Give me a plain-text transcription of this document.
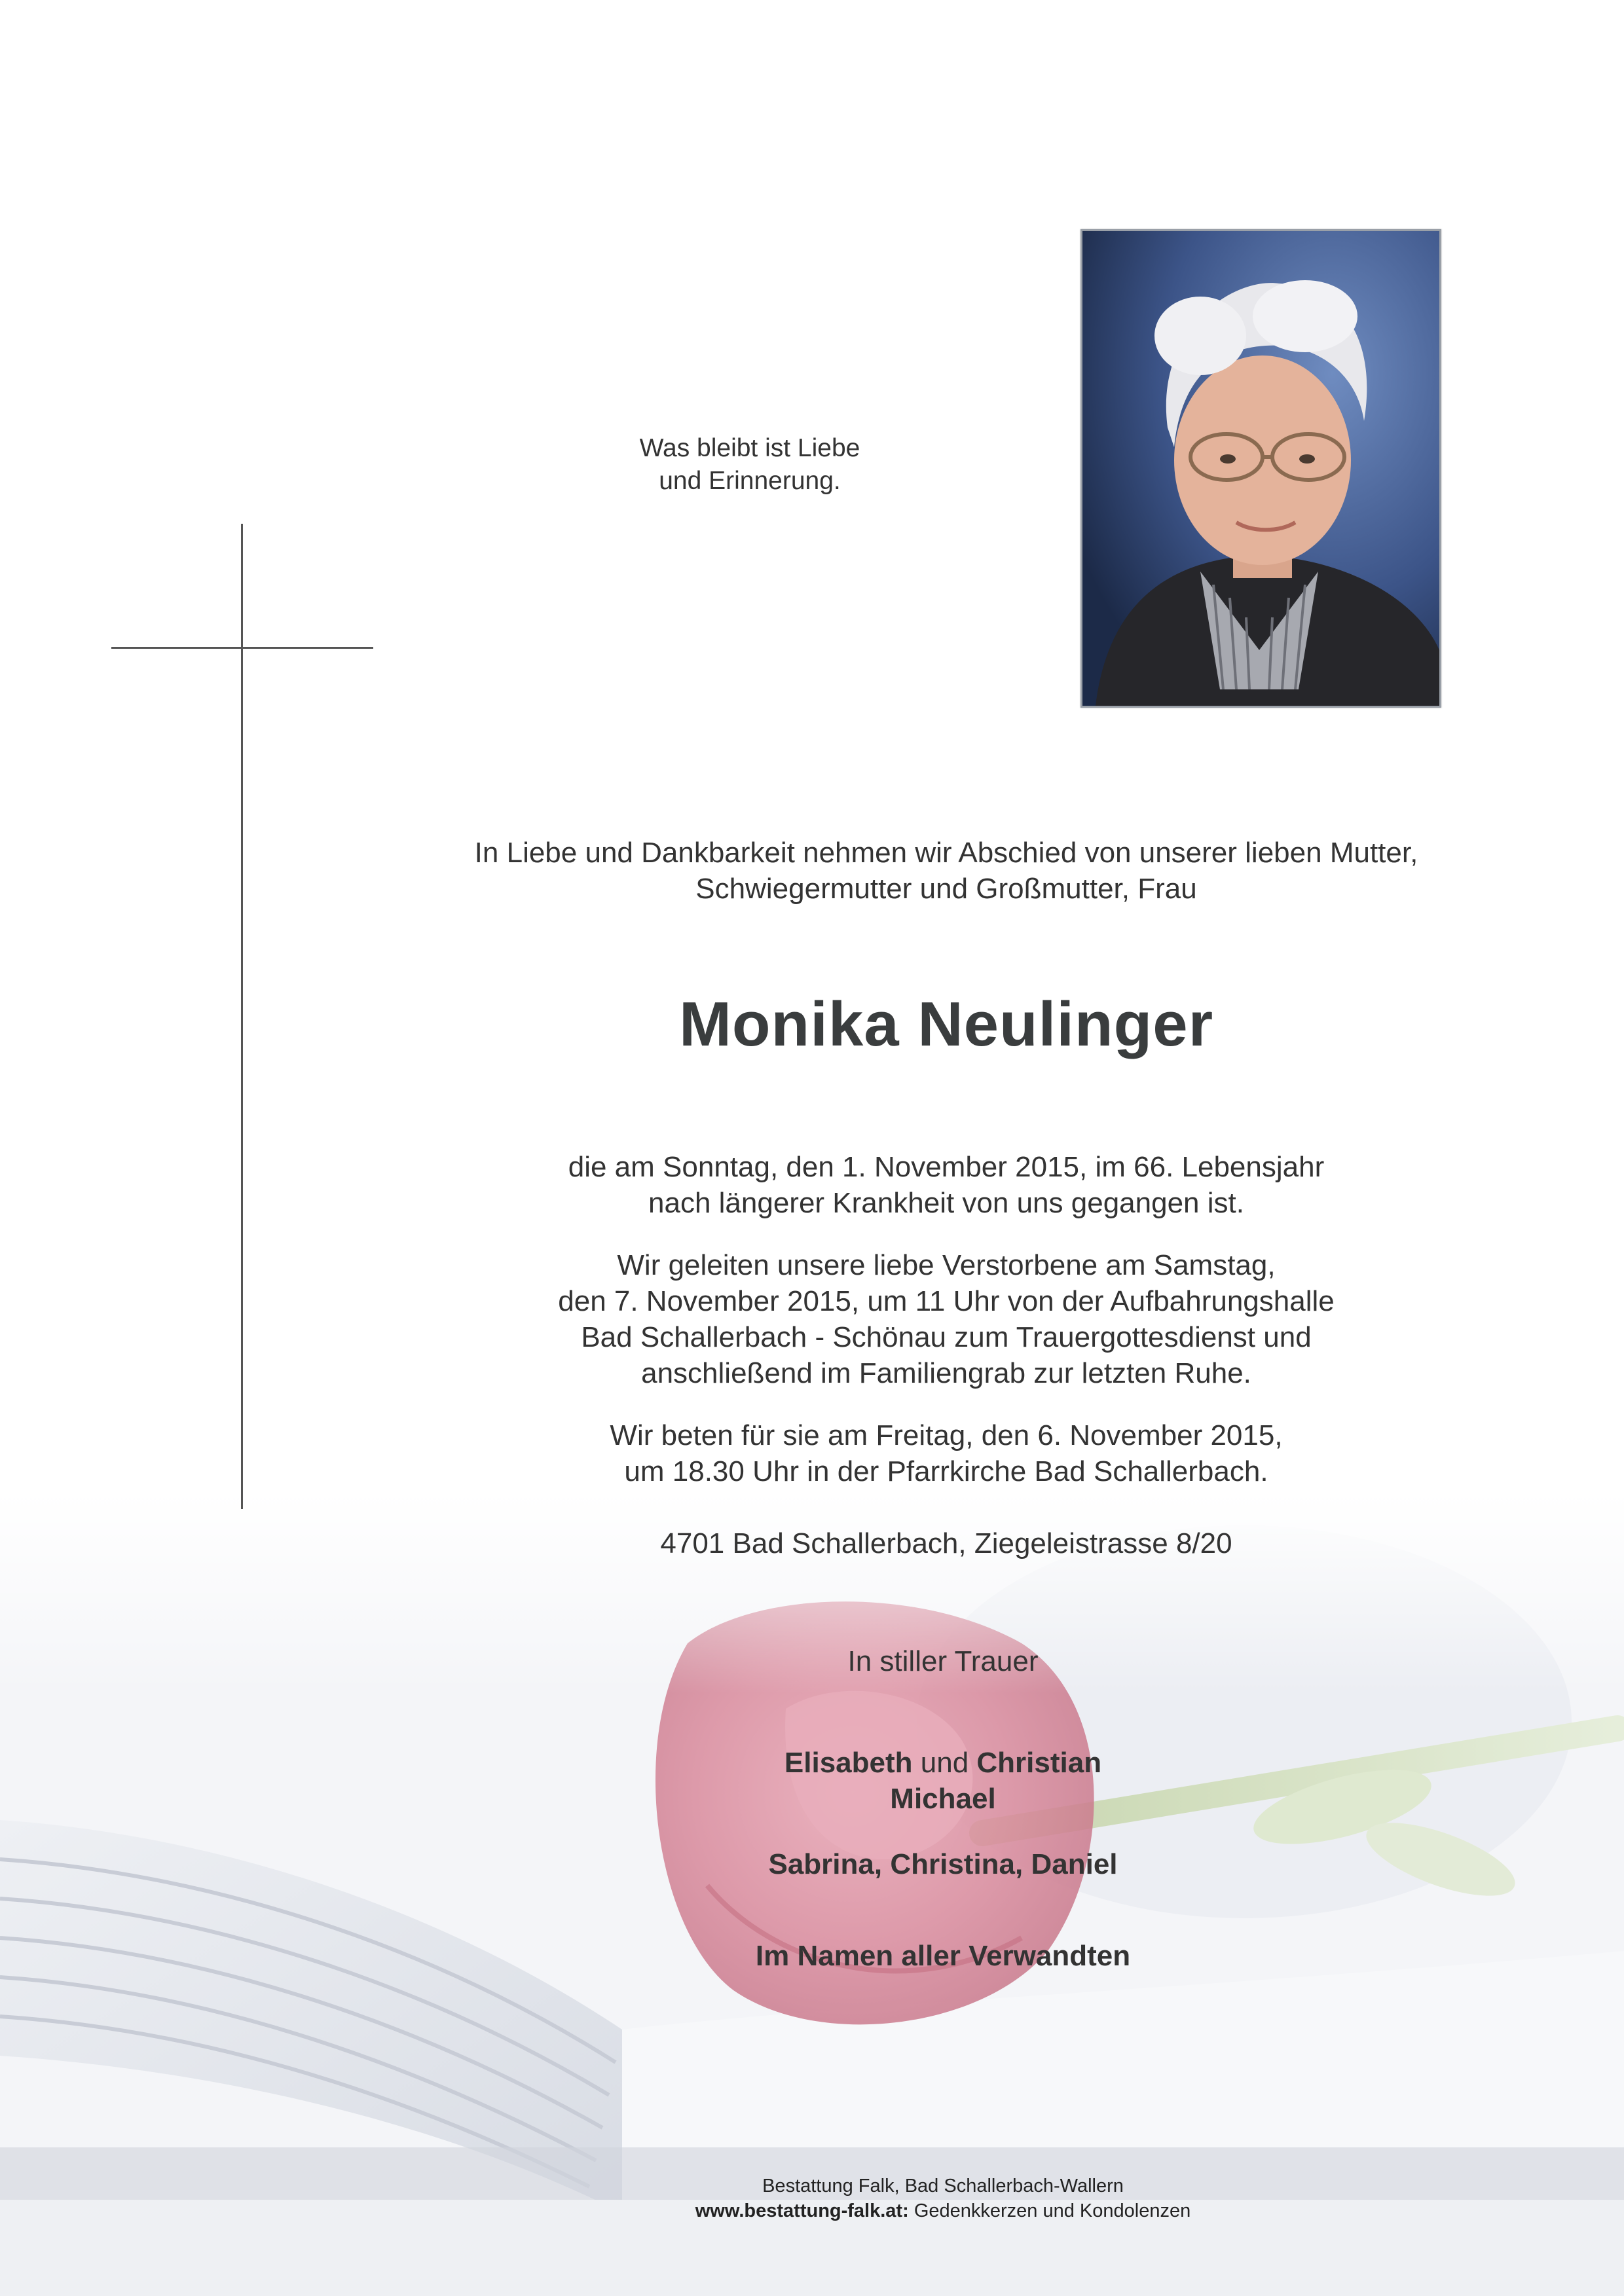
Was bleibt ist Liebe
und Erinnerung.
In Liebe und Dankbarkeit nehmen wir Abschied von unserer lieben Mutter,
Schwiegermutter und Großmutter, Frau
Monika Neulinger
die am Sonntag, den 1. November 2015, im 66. Lebensjahr
nach längerer Krankheit von uns gegangen ist.
Wir geleiten unsere liebe Verstorbene am Samstag,
den 7. November 2015, um 11 Uhr von der Aufbahrungshalle
Bad Schallerbach - Schönau zum Trauergottesdienst und
anschließend im Familiengrab zur letzten Ruhe.
Wir beten für sie am Freitag, den 6. November 2015,
um 18.30 Uhr in der Pfarrkirche Bad Schallerbach.
4701 Bad Schallerbach, Ziegeleistrasse 8/20
In stiller Trauer
Elisabeth und Christian
Michael
Sabrina, Christina, Daniel
Im Namen aller Verwandten
Bestattung Falk, Bad Schallerbach-Wallern
www.bestattung-falk.at: Gedenkkerzen und Kondolenzen
